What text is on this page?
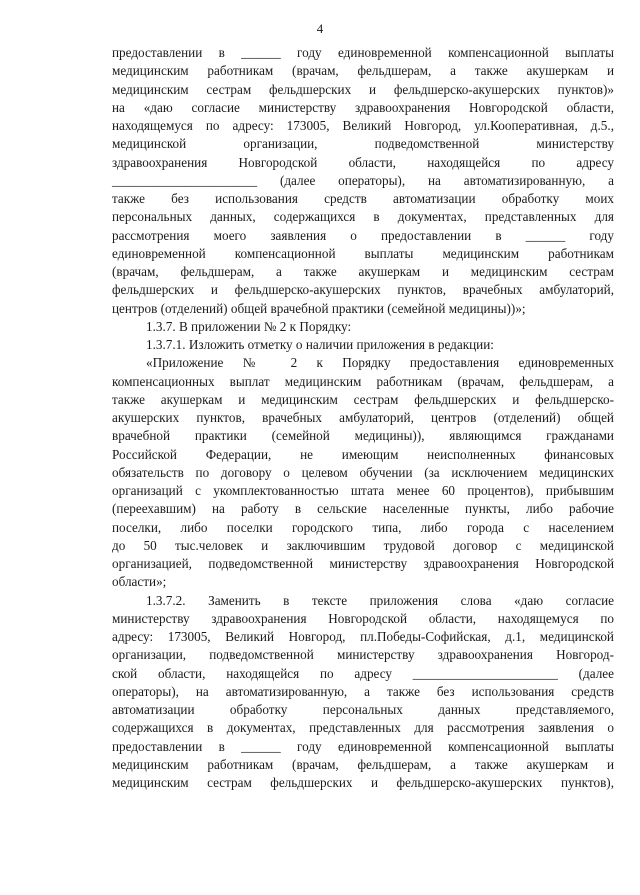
4
предоставлении в ______ году единовременной компенсационной выплаты
медицинским работникам (врачам, фельдшерам, а также акушеркам и
медицинским сестрам фельдшерских и фельдшерско-акушерских пунктов)»
на «даю согласие министерству здравоохранения Новгородской области,
находящемуся по адресу: 173005, Великий Новгород, ул.Кооперативная, д.5.,
медицинской организации, подведомственной министерству
здравоохранения Новгородской области, находящейся по адресу
______________________ (далее операторы), на автоматизированную, а
также без использования средств автоматизации обработку моих
персональных данных, содержащихся в документах, представленных для
рассмотрения моего заявления о предоставлении в ______ году
единовременной компенсационной выплаты медицинским работникам
(врачам, фельдшерам, а также акушеркам и медицинским сестрам
фельдшерских и фельдшерско-акушерских пунктов, врачебных амбулаторий,
центров (отделений) общей врачебной практики (семейной медицины))»;
1.3.7. В приложении № 2 к Порядку:
1.3.7.1. Изложить отметку о наличии приложения в редакции:
«Приложение № 2 к Порядку предоставления единовременных
компенсационных выплат медицинским работникам (врачам, фельдшерам, а
также акушеркам и медицинским сестрам фельдшерских и фельдшерско-
акушерских пунктов, врачебных амбулаторий, центров (отделений) общей
врачебной практики (семейной медицины)), являющимся гражданами
Российской Федерации, не имеющим неисполненных финансовых
обязательств по договору о целевом обучении (за исключением медицинских
организаций с укомплектованностью штата менее 60 процентов), прибывшим
(переехавшим) на работу в сельские населенные пункты, либо рабочие
поселки, либо поселки городского типа, либо города с населением
до 50 тыс.человек и заключившим трудовой договор с медицинской
организацией, подведомственной министерству здравоохранения Новгородской
области»;
1.3.7.2. Заменить в тексте приложения слова «даю согласие
министерству здравоохранения Новгородской области, находящемуся по
адресу: 173005, Великий Новгород, пл.Победы-Софийская, д.1, медицинской
организации, подведомственной министерству здравоохранения Новгород-
ской области, находящейся по адресу ______________________ (далее
операторы), на автоматизированную, а также без использования средств
автоматизации обработку персональных данных представляемого,
содержащихся в документах, представленных для рассмотрения заявления о
предоставлении в ______ году единовременной компенсационной выплаты
медицинским работникам (врачам, фельдшерам, а также акушеркам и
медицинским сестрам фельдшерских и фельдшерско-акушерских пунктов),
